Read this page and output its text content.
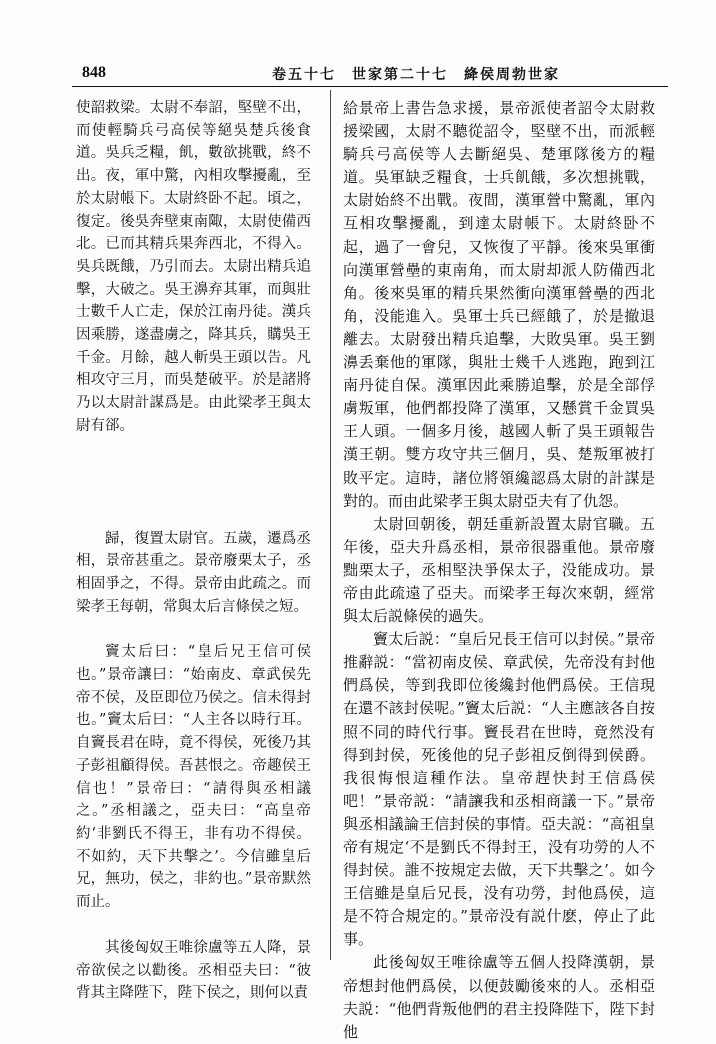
848	卷五十七　世家第二十七　絳侯周勃世家

使韶救梁。太尉不奉詔，堅壁不出，而使輕騎兵弓高侯等絕吳楚兵後食道。吳兵乏糧，飢，數欲挑戰，終不出。夜，軍中驚，內相攻擊擾亂，至於太尉帳下。太尉終卧不起。頃之，復定。後吳奔壁東南陬，太尉使備西北。已而其精兵果奔西北，不得入。吳兵既餓，乃引而去。太尉出精兵追擊，大破之。吳王濞弃其軍，而與壯士數千人亡走，保於江南丹徒。漢兵因乘勝，遂盡虜之，降其兵，購吳王千金。月餘，越人斬吳王頭以告。凡相攻守三月，而吳楚破平。於是諸將乃以太尉計謀爲是。由此梁孝王與太尉有郤。

歸，復置太尉官。五歲，遷爲丞相，景帝甚重之。景帝廢栗太子，丞相固爭之，不得。景帝由此疏之。而梁孝王每朝，常與太后言條侯之短。

竇太后曰：“皇后兄王信可侯也。”景帝讓曰：“始南皮、章武侯先帝不侯，及臣即位乃侯之。信未得封也。”竇太后曰：“人主各以時行耳。自竇長君在時，竟不得侯，死後乃其子彭祖顧得侯。吾甚恨之。帝趣侯王信也！”景帝曰：“請得與丞相議之。”丞相議之，亞夫曰：“高皇帝約‘非劉氏不得王，非有功不得侯。不如約，天下共擊之’。今信雖皇后兄，無功，侯之，非約也。”景帝默然而止。

其後匈奴王唯徐盧等五人降，景帝欲侯之以勸後。丞相亞夫曰：“彼背其主降陛下，陛下侯之，則何以責

給景帝上書告急求援，景帝派使者詔令太尉救援梁國，太尉不聽從詔令，堅壁不出，而派輕騎兵弓高侯等人去斷絕吳、楚軍隊後方的糧道。吳軍缺乏糧食，士兵飢餓，多次想挑戰，太尉始終不出戰。夜間，漢軍營中驚亂，軍內互相攻擊擾亂，到達太尉帳下。太尉終卧不起，過了一會兒，又恢復了平靜。後來吳軍衝向漢軍營壘的東南角，而太尉却派人防備西北角。後來吳軍的精兵果然衝向漢軍營壘的西北角，没能進入。吳軍士兵已經餓了，於是撤退離去。太尉發出精兵追擊，大敗吳軍。吳王劉濞丢棄他的軍隊，與壯士幾千人逃跑，跑到江南丹徒自保。漢軍因此乘勝追擊，於是全部俘虜叛軍，他們都投降了漢軍，又懸賞千金買吳王人頭。一個多月後，越國人斬了吳王頭報告漢王朝。雙方攻守共三個月，吳、楚叛軍被打敗平定。這時，諸位將領纔認爲太尉的計謀是對的。而由此梁孝王與太尉亞夫有了仇怨。

太尉回朝後，朝廷重新設置太尉官職。五年後，亞夫升爲丞相，景帝很器重他。景帝廢黜栗太子，丞相堅決爭保太子，没能成功。景帝由此疏遠了亞夫。而梁孝王每次來朝，經常與太后説條侯的過失。

竇太后説：“皇后兄長王信可以封侯。”景帝推辭説：“當初南皮侯、章武侯，先帝没有封他們爲侯，等到我即位後纔封他們爲侯。王信現在還不該封侯呢。”竇太后説：“人主應該各自按照不同的時代行事。竇長君在世時，竟然没有得到封侯，死後他的兒子彭祖反倒得到侯爵。我很悔恨這種作法。皇帝趕快封王信爲侯吧！”景帝説：“請讓我和丞相商議一下。”景帝與丞相議論王信封侯的事情。亞夫説：“高祖皇帝有規定‘不是劉氏不得封王，没有功勞的人不得封侯。誰不按規定去做，天下共擊之’。如今王信雖是皇后兄長，没有功勞，封他爲侯，這是不符合規定的。”景帝没有説什麽，停止了此事。

此後匈奴王唯徐盧等五個人投降漢朝，景帝想封他們爲侯，以便鼓勵後來的人。丞相亞夫説：“他們背叛他們的君主投降陛下，陛下封他
